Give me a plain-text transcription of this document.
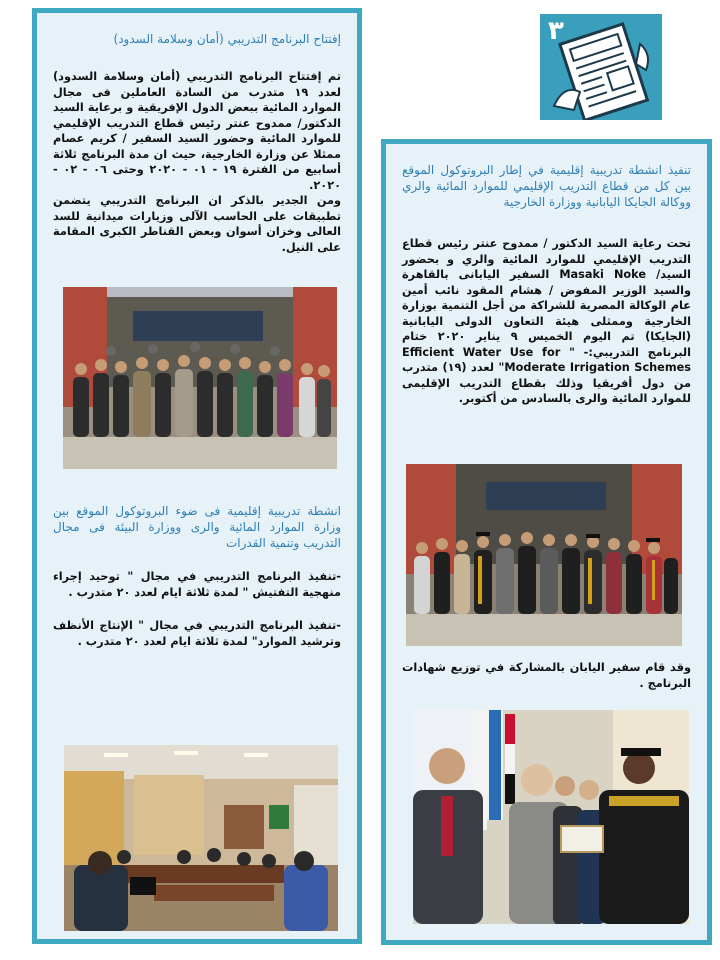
٣

إفتتاح البرنامج التدريبي (أمان وسلامة السدود)

تم إفتتاح البرنامج التدريبي (أمان وسلامة السدود) لعدد ١٩ متدرب من السادة العاملين فى مجال الموارد المائية ببعض الدول الإفريقية و برعاية السيد الدكتور/ ممدوح عنتر رئيس قطاع التدريب الإقليمي للموارد المائية وحضور السيد السفير / كريم عصام ممثلا عن وزارة الخارجية، حيث ان مدة البرنامج ثلاثة أسابيع من الفترة ١٩ - ٠١ - ٢٠٢٠ وحتى ٠٦ - ٠٢ - ٢٠٢٠.

ومن الجدير بالذكر ان البرنامج التدريبي يتضمن تطبيقات على الحاسب الآلى وزيارات ميدانية للسد العالى وخزان أسوان وبعض القناطر الكبرى المقامة على النيل.

انشطة تدريبية إقليمية فى ضوء البروتوكول الموقع بين وزارة الموارد المائية والرى ووزارة البيئة فى مجال التدريب وتنمية القدرات

-تنفيذ البرنامج التدريبي في مجال " توحيد إجراء منهجية التفتيش " لمدة ثلاثة ايام لعدد ٢٠ متدرب .

-تنفيذ البرنامج التدريبي في مجال " الإنتاج الأنظف وترشيد الموارد" لمدة ثلاثة ايام لعدد ٢٠ متدرب .

تنفيذ انشطة تدريبية إقليمية في إطار البروتوكول الموقع بين كل من قطاع التدريب الإقليمي للموارد المائية والري ووكالة الجايكا اليابانية ووزارة الخارجية

تحت رعاية السيد الدكتور / ممدوح عنتر رئيس قطاع التدريب الإقليمي للموارد المائية والري و بحضور السيد/ Masaki Noke السفير اليابانى بالقاهرة والسيد الوزير المفوض / هشام المقود نائب أمين عام الوكالة المصرية للشراكة من أجل التنمية بوزارة الخارجية وممثلى هيئة التعاون الدولى اليابانية (الجايكا) تم اليوم الخميس ٩ يناير ٢٠٢٠ ختام البرنامج التدريبي:- " Efficient Water Use for Moderate Irrigation Schemes" لعدد (١٩) متدرب من دول أفريقيا وذلك بقطاع التدريب الإقليمى للموارد المائية والرى بالسادس من أكتوبر.

وقد قام سفير اليابان بالمشاركة في توزيع شهادات البرنامج .
